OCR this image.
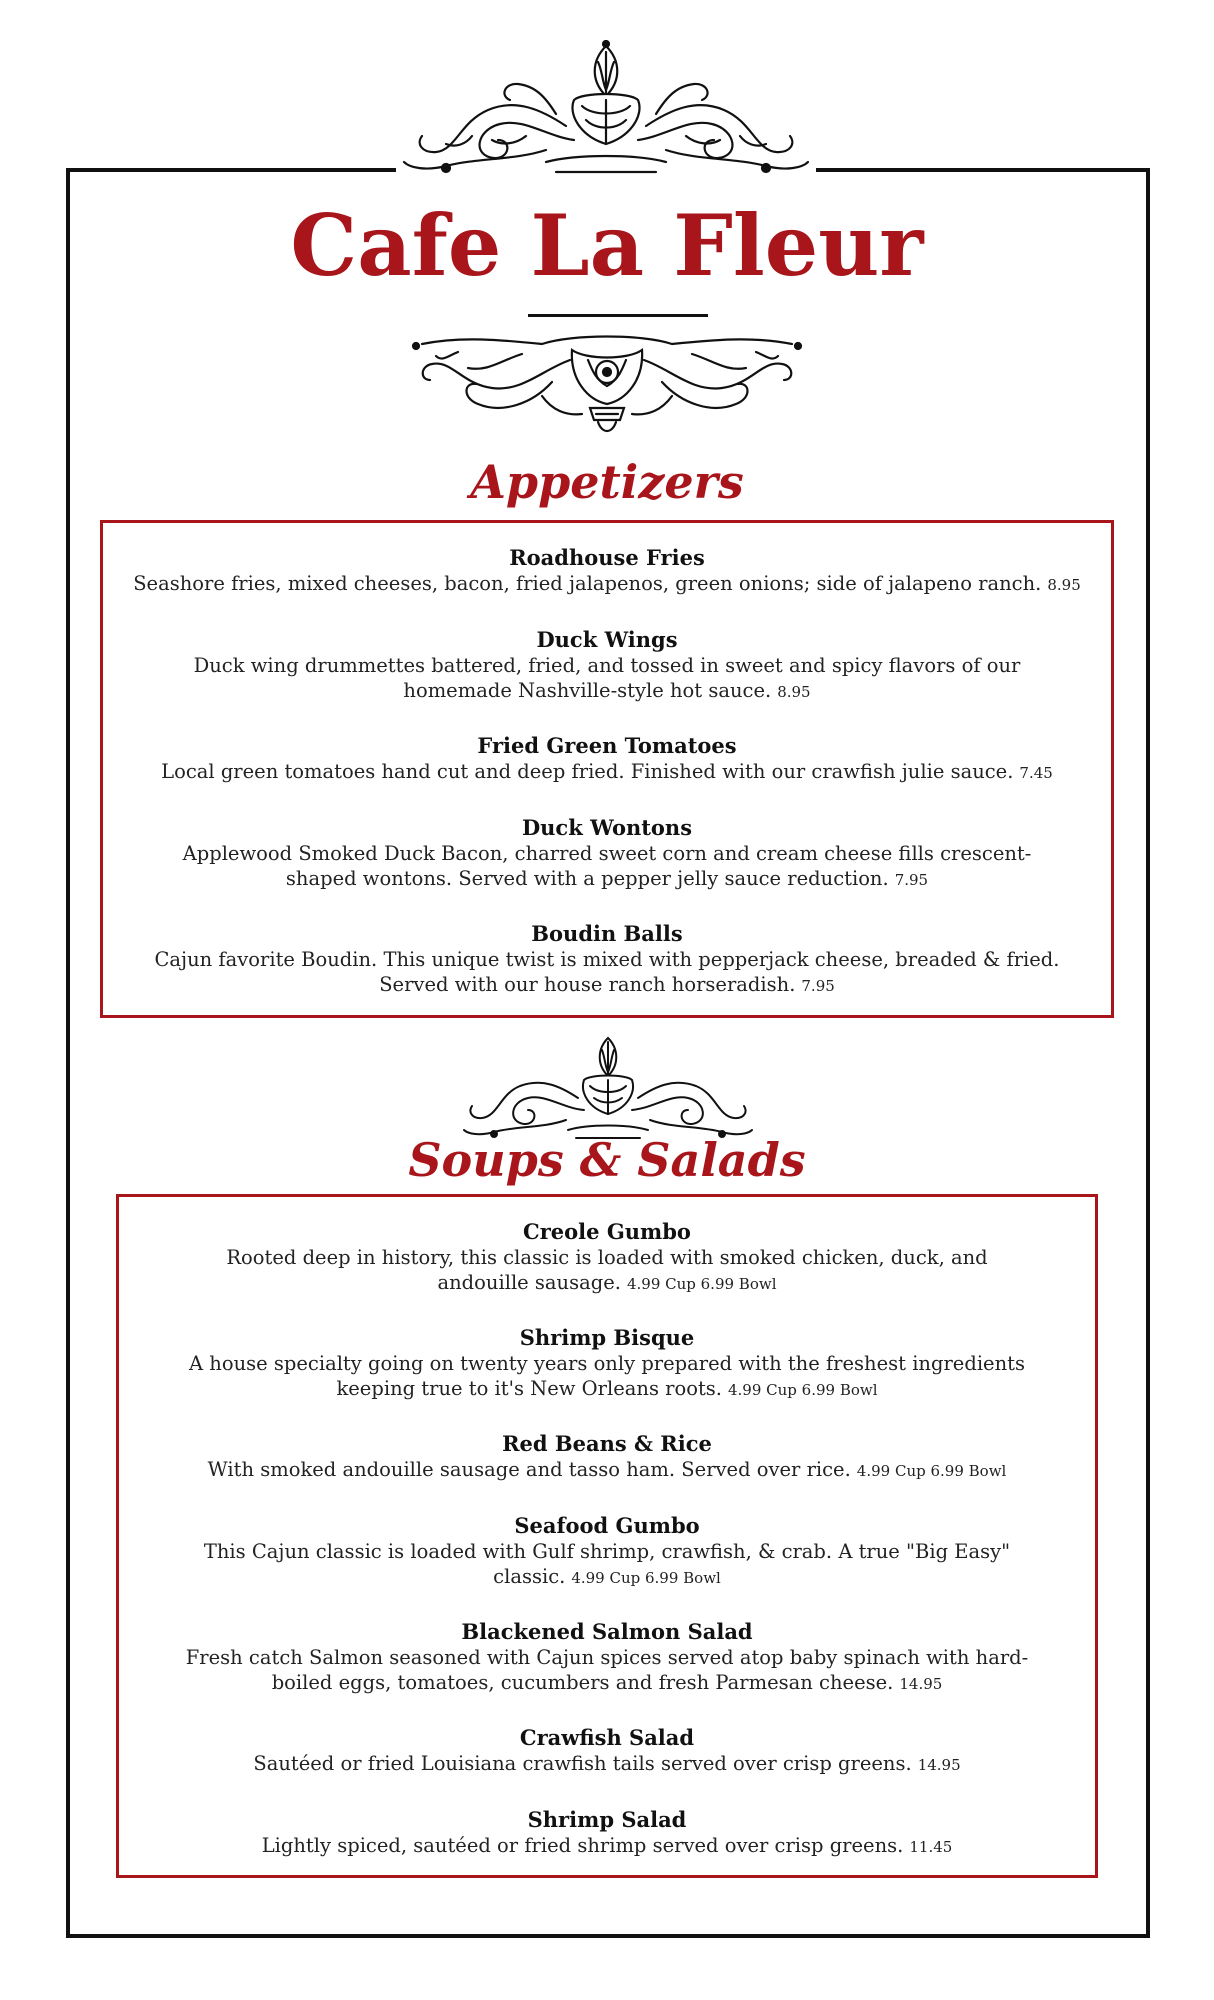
Cafe La Fleur
Appetizers
Roadhouse Fries
Seashore fries, mixed cheeses, bacon, fried jalapenos, green onions; side of jalapeno ranch. 8.95
Duck Wings
Duck wing drummettes battered, fried, and tossed in sweet and spicy flavors of our homemade Nashville-style hot sauce. 8.95
Fried Green Tomatoes
Local green tomatoes hand cut and deep fried. Finished with our crawfish julie sauce. 7.45
Duck Wontons
Applewood Smoked Duck Bacon, charred sweet corn and cream cheese fills crescent-shaped wontons. Served with a pepper jelly sauce reduction. 7.95
Boudin Balls
Cajun favorite Boudin. This unique twist is mixed with pepperjack cheese, breaded & fried. Served with our house ranch horseradish. 7.95
Soups & Salads
Creole Gumbo
Rooted deep in history, this classic is loaded with smoked chicken, duck, and andouille sausage. 4.99 Cup 6.99 Bowl
Shrimp Bisque
A house specialty going on twenty years only prepared with the freshest ingredients keeping true to it's New Orleans roots. 4.99 Cup 6.99 Bowl
Red Beans & Rice
With smoked andouille sausage and tasso ham. Served over rice. 4.99 Cup 6.99 Bowl
Seafood Gumbo
This Cajun classic is loaded with Gulf shrimp, crawfish, & crab. A true "Big Easy" classic. 4.99 Cup 6.99 Bowl
Blackened Salmon Salad
Fresh catch Salmon seasoned with Cajun spices served atop baby spinach with hard-boiled eggs, tomatoes, cucumbers and fresh Parmesan cheese. 14.95
Crawfish Salad
Sautéed or fried Louisiana crawfish tails served over crisp greens. 14.95
Shrimp Salad
Lightly spiced, sautéed or fried shrimp served over crisp greens. 11.45
